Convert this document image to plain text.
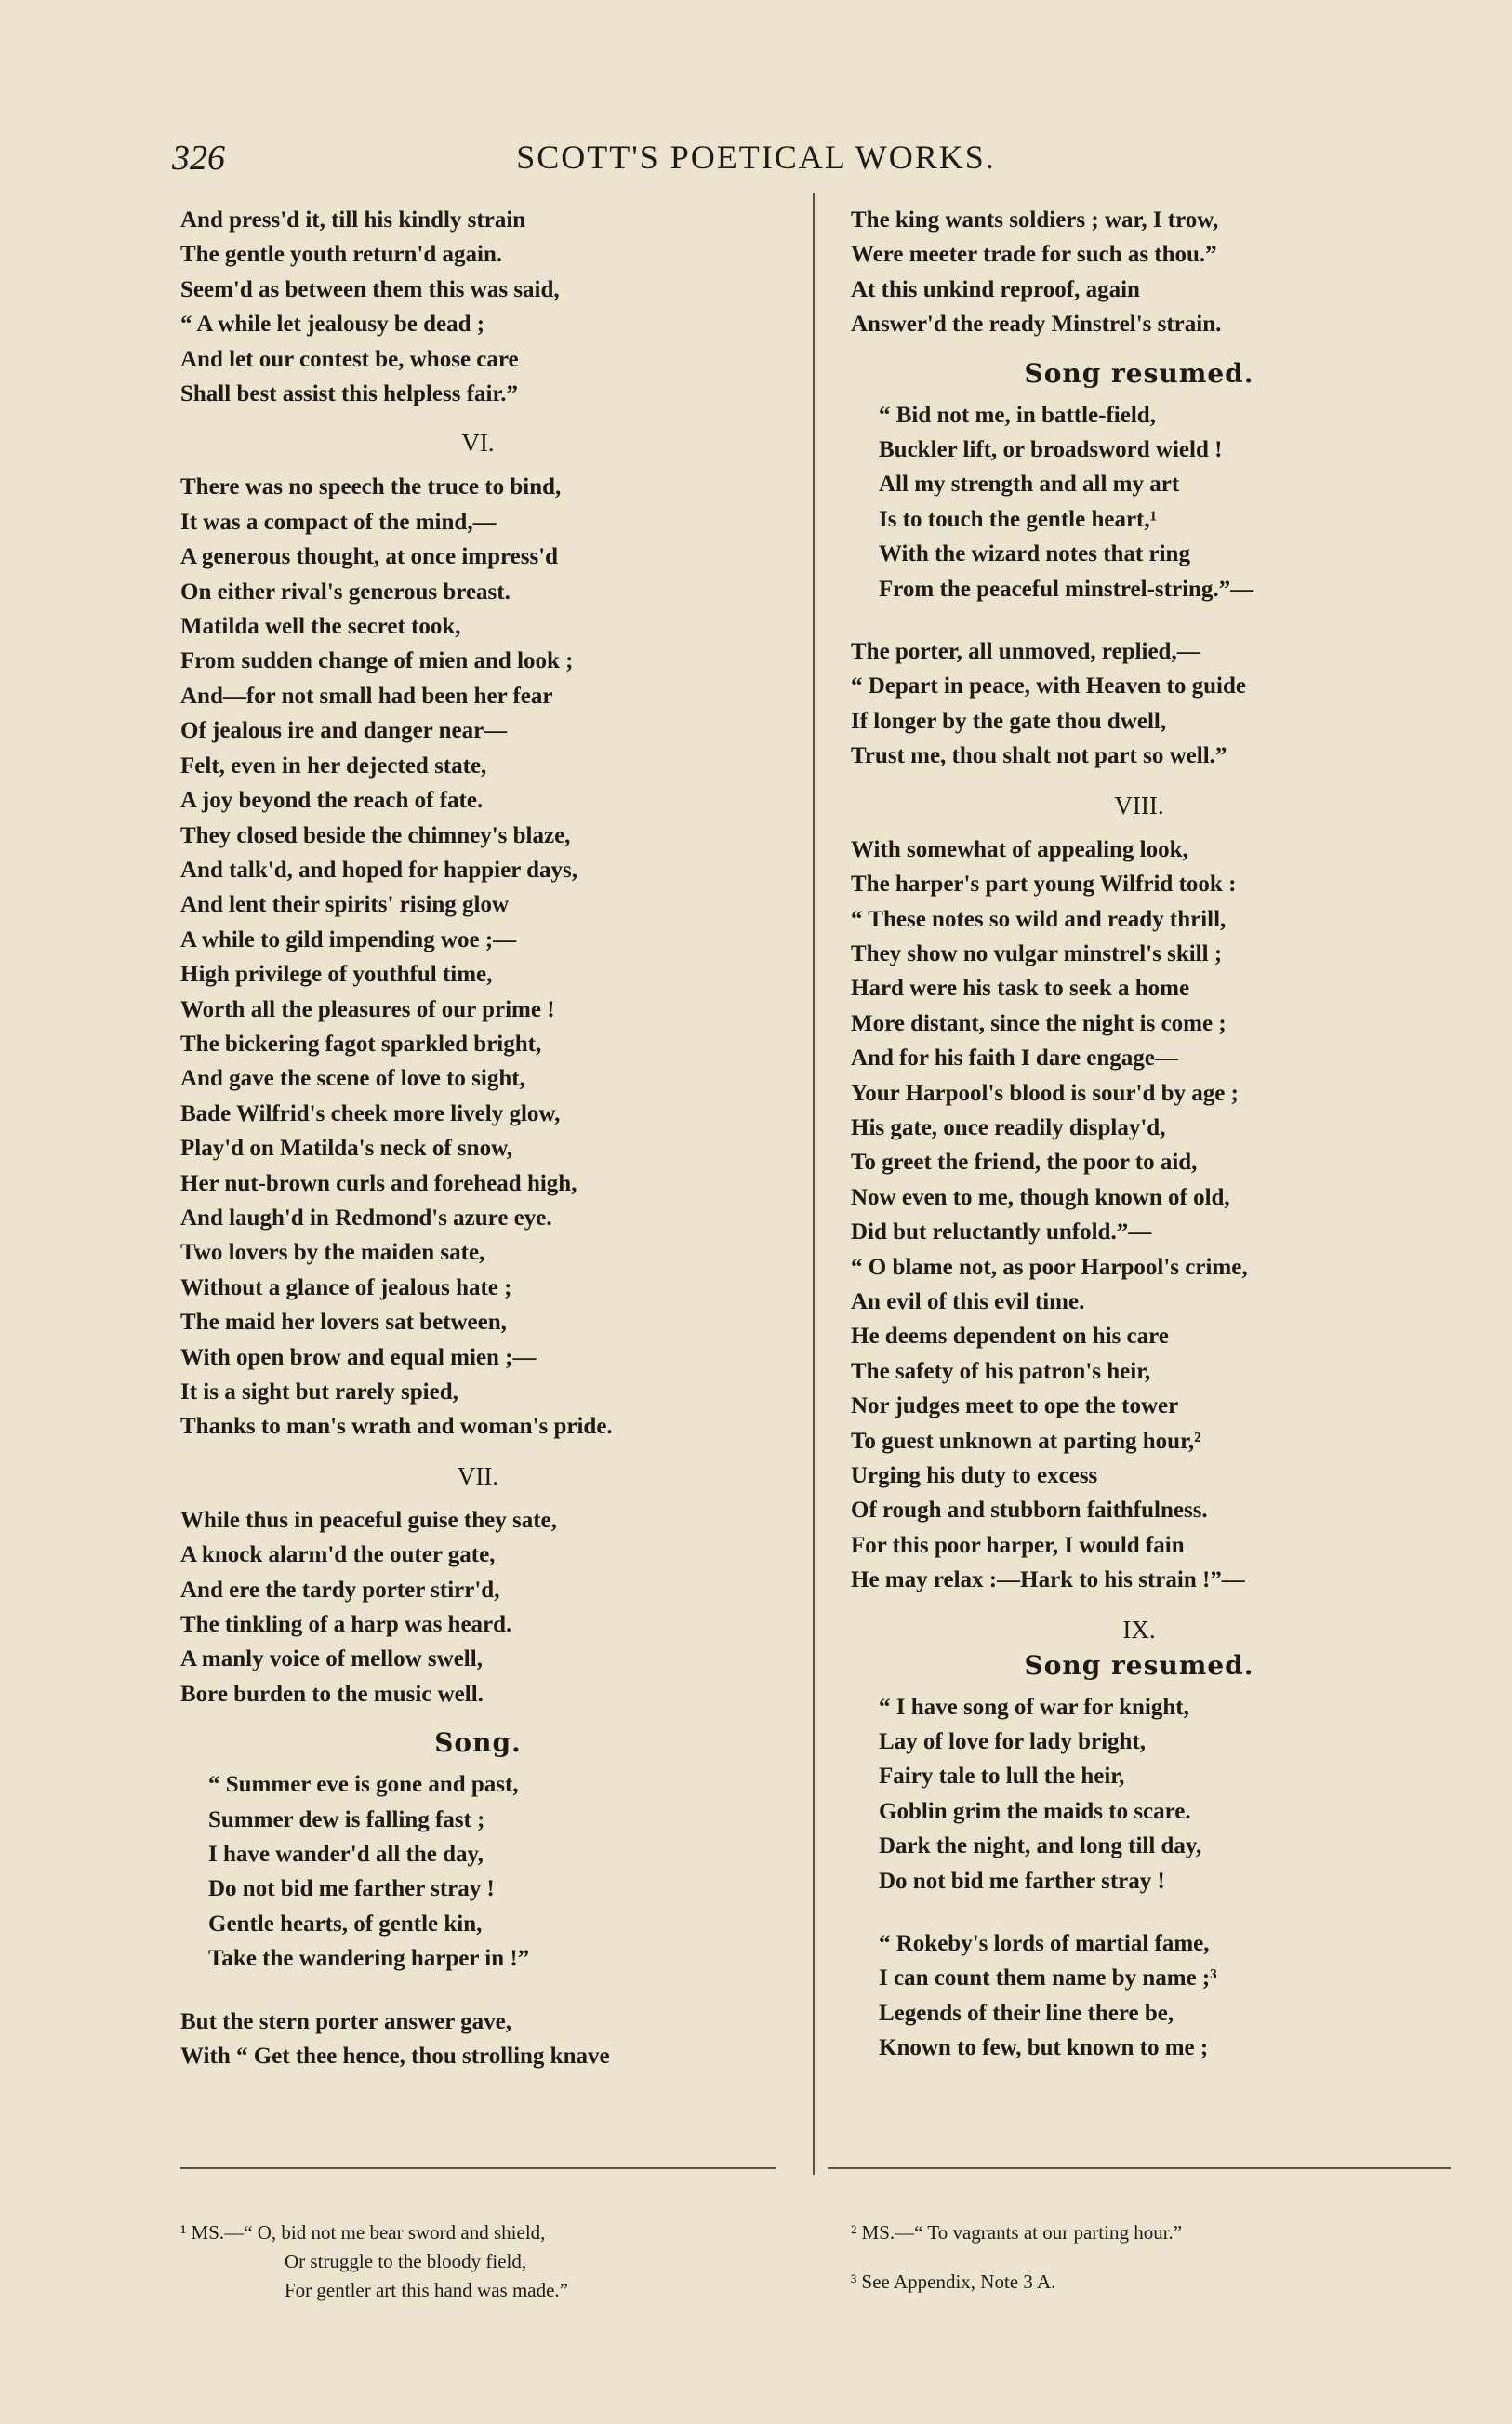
326	SCOTT'S POETICAL WORKS.
And press'd it, till his kindly strain
The gentle youth return'd again.
Seem'd as between them this was said,
“ A while let jealousy be dead ;
And let our contest be, whose care
Shall best assist this helpless fair.”
VI.
There was no speech the truce to bind,
It was a compact of the mind,—
A generous thought, at once impress'd
On either rival's generous breast.
Matilda well the secret took,
From sudden change of mien and look ;
And—for not small had been her fear
Of jealous ire and danger near—
Felt, even in her dejected state,
A joy beyond the reach of fate.
They closed beside the chimney's blaze,
And talk'd, and hoped for happier days,
And lent their spirits' rising glow
A while to gild impending woe ;—
High privilege of youthful time,
Worth all the pleasures of our prime !
The bickering fagot sparkled bright,
And gave the scene of love to sight,
Bade Wilfrid's cheek more lively glow,
Play'd on Matilda's neck of snow,
Her nut-brown curls and forehead high,
And laugh'd in Redmond's azure eye.
Two lovers by the maiden sate,
Without a glance of jealous hate ;
The maid her lovers sat between,
With open brow and equal mien ;—
It is a sight but rarely spied,
Thanks to man's wrath and woman's pride.
VII.
While thus in peaceful guise they sate,
A knock alarm'd the outer gate,
And ere the tardy porter stirr'd,
The tinkling of a harp was heard.
A manly voice of mellow swell,
Bore burden to the music well.
Song.
“ Summer eve is gone and past,
Summer dew is falling fast ;
I have wander'd all the day,
Do not bid me farther stray !
Gentle hearts, of gentle kin,
Take the wandering harper in !”
But the stern porter answer gave,
With “ Get thee hence, thou strolling knave
The king wants soldiers ; war, I trow,
Were meeter trade for such as thou.”
At this unkind reproof, again
Answer'd the ready Minstrel's strain.
Song resumed.
“ Bid not me, in battle-field,
Buckler lift, or broadsword wield !
All my strength and all my art
Is to touch the gentle heart,¹
With the wizard notes that ring
From the peaceful minstrel-string.”—
The porter, all unmoved, replied,—
“ Depart in peace, with Heaven to guide
If longer by the gate thou dwell,
Trust me, thou shalt not part so well.”
VIII.
With somewhat of appealing look,
The harper's part young Wilfrid took :
“ These notes so wild and ready thrill,
They show no vulgar minstrel's skill ;
Hard were his task to seek a home
More distant, since the night is come ;
And for his faith I dare engage—
Your Harpool's blood is sour'd by age ;
His gate, once readily display'd,
To greet the friend, the poor to aid,
Now even to me, though known of old,
Did but reluctantly unfold.”—
“ O blame not, as poor Harpool's crime,
An evil of this evil time.
He deems dependent on his care
The safety of his patron's heir,
Nor judges meet to ope the tower
To guest unknown at parting hour,²
Urging his duty to excess
Of rough and stubborn faithfulness.
For this poor harper, I would fain
He may relax :—Hark to his strain !”—
IX.
Song resumed.
“ I have song of war for knight,
Lay of love for lady bright,
Fairy tale to lull the heir,
Goblin grim the maids to scare.
Dark the night, and long till day,
Do not bid me farther stray !
“ Rokeby's lords of martial fame,
I can count them name by name ;³
Legends of their line there be,
Known to few, but known to me ;
¹ MS.—“ O, bid not me bear sword and shield,
Or struggle to the bloody field,
For gentler art this hand was made.”
² MS.—“ To vagrants at our parting hour.”
³ See Appendix, Note 3 A.
